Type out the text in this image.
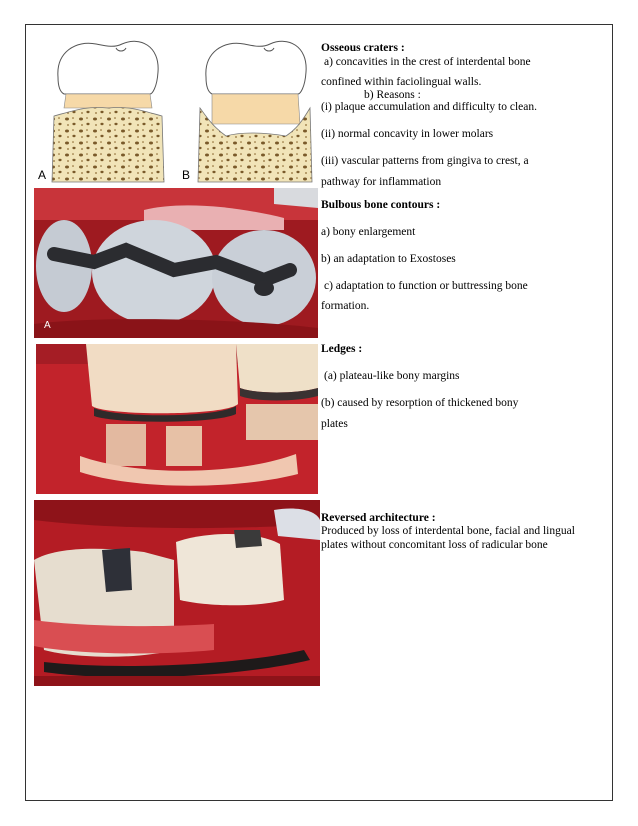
A	B
A
Osseous craters :
a) concavities in the crest of interdental bone
confined within faciolingual walls.
b) Reasons :
(i) plaque accumulation and difficulty to clean.
(ii) normal concavity in lower molars
(iii) vascular patterns from gingiva to crest, a
pathway for inflammation
Bulbous bone contours :
a) bony enlargement
b) an adaptation to Exostoses
c) adaptation to function or buttressing bone
formation.
Ledges :
(a) plateau-like bony margins
(b) caused by resorption of thickened bony
plates
Reversed architecture :
Produced by loss of interdental bone, facial and lingual plates without concomitant loss of radicular bone
